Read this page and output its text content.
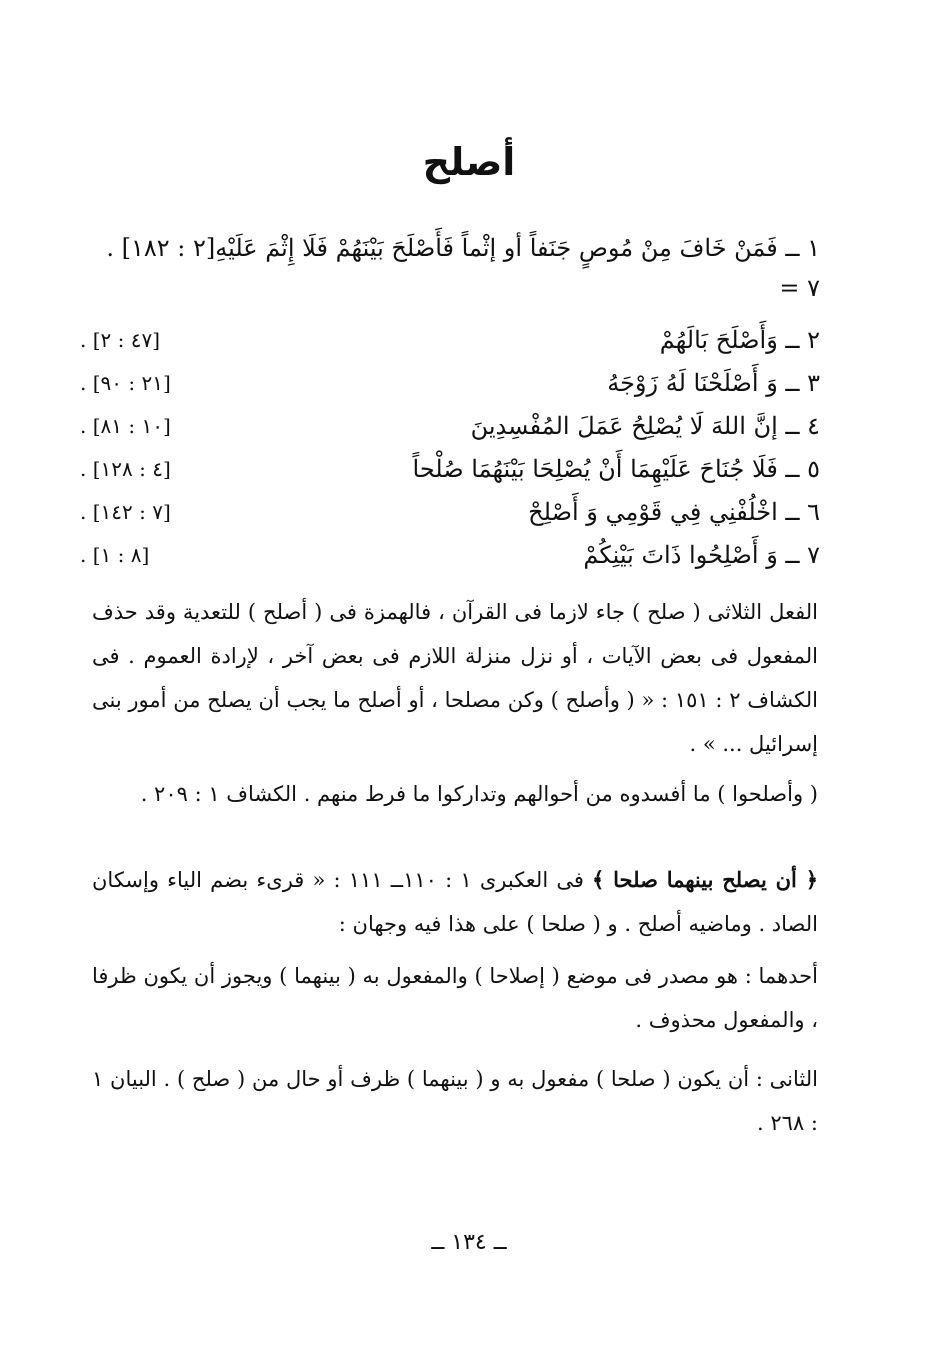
أصلح
١ ــ فَمَنْ خَافَ مِنْ مُوصٍ جَنَفاً أو إثْماً فَأَصْلَحَ بَيْنَهُمْ فَلَا إِثْمَ عَلَيْهِ[٢ : ١٨٢] . ٧ =
٢ ــ وَأَصْلَحَ بَالَهُمْ
[٤٧ : ٢] .
٣ ــ وَ أَصْلَحْنَا لَهُ زَوْجَهُ
[٢١ : ٩٠] .
٤ ــ إنَّ اللهَ لَا يُصْلِحُ عَمَلَ المُفْسِدِينَ
[١٠ : ٨١] .
٥ ــ فَلَا جُنَاحَ عَلَيْهِمَا أَنْ يُصْلِحَا بَيْنَهُمَا صُلْحاً
[٤ : ١٢٨] .
٦ ــ اخْلُفْنِي فِي قَوْمِي وَ أَصْلِحْ
[٧ : ١٤٢] .
٧ ــ وَ أَصْلِحُوا ذَاتَ بَيْنِكُمْ
[٨ : ١] .
الفعل الثلاثى ( صلح ) جاء لازما فى القرآن ، فالهمزة فى ( أصلح ) للتعدية وقد حذف المفعول فى بعض الآيات ، أو نزل منزلة اللازم فى بعض آخر ، لإرادة العموم . فى الكشاف ٢ : ١٥١ : « ( وأصلح ) وكن مصلحا ، أو أصلح ما يجب أن يصلح من أمور بنى إسرائيل ... » .
( وأصلحوا ) ما أفسدوه من أحوالهم وتداركوا ما فرط منهم . الكشاف ١ : ٢٠٩ .
﴿ أن يصلح بينهما صلحا ﴾ فى العكبرى ١ : ١١٠ــ ١١١ : « قرىء بضم الياء وإسكان الصاد . وماضيه أصلح . و ( صلحا ) على هذا فيه وجهان :
أحدهما : هو مصدر فى موضع ( إصلاحا ) والمفعول به ( بينهما ) ويجوز أن يكون ظرفا ، والمفعول محذوف .
الثانى : أن يكون ( صلحا ) مفعول به و ( بينهما ) ظرف أو حال من ( صلح ) . البيان ١ : ٢٦٨ .
ــ ١٣٤ ــ
